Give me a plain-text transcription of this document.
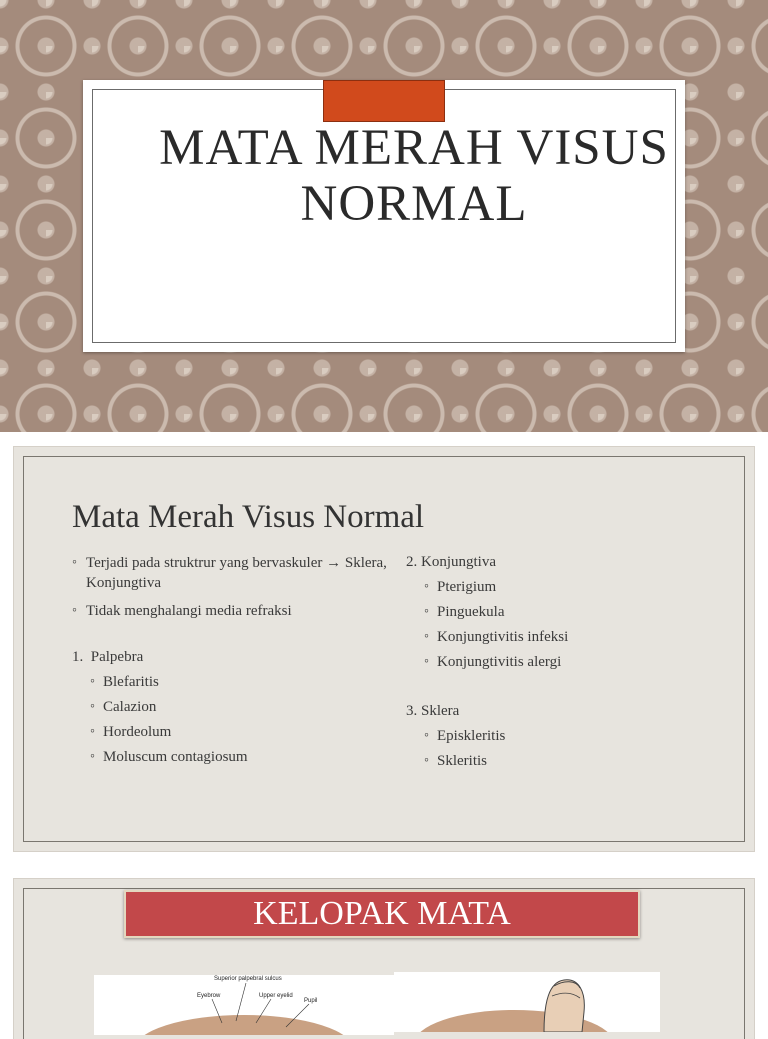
MATA MERAH VISUS
NORMAL
Mata Merah Visus Normal
◦ Terjadi pada struktrur yang bervaskuler → Sklera, Konjungtiva
◦ Tidak menghalangi media refraksi
1.  Palpebra
◦ Blefaritis
◦ Calazion
◦ Hordeolum
◦ Moluscum contagiosum
2. Konjungtiva
◦ Pterigium
◦ Pinguekula
◦ Konjungtivitis infeksi
◦ Konjungtivitis alergi
3. Sklera
◦ Episkleritis
◦ Skleritis
KELOPAK MATA
Superior palpebral sulcus
Eyebrow	Upper eyelid
Pupil
